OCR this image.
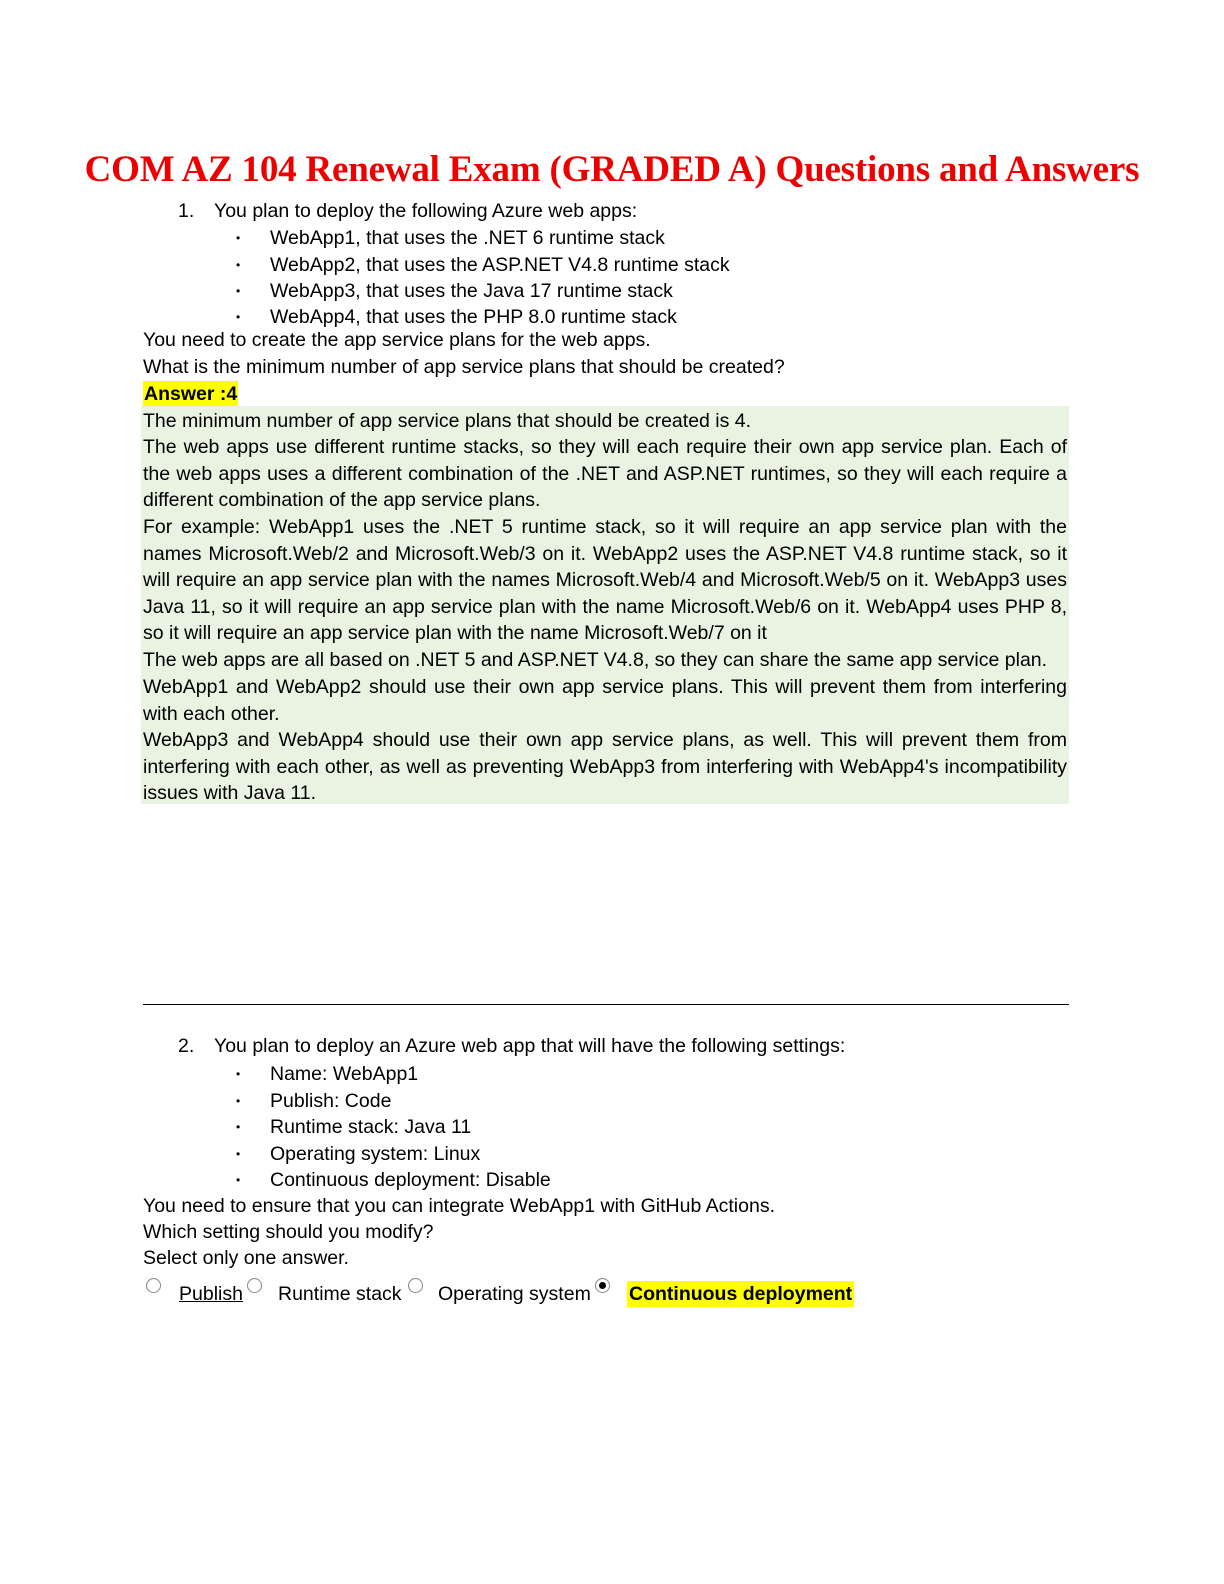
COM AZ 104 Renewal Exam (GRADED A) Questions and Answers
1. You plan to deploy the following Azure web apps:
• WebApp1, that uses the .NET 6 runtime stack
• WebApp2, that uses the ASP.NET V4.8 runtime stack
• WebApp3, that uses the Java 17 runtime stack
• WebApp4, that uses the PHP 8.0 runtime stack
You need to create the app service plans for the web apps.
What is the minimum number of app service plans that should be created?
Answer :4

The minimum number of app service plans that should be created is 4.

The web apps use different runtime stacks, so they will each require their own app service plan. Each of the web apps uses a different combination of the .NET and ASP.NET runtimes, so they will each require a different combination of the app service plans.

For example: WebApp1 uses the .NET 5 runtime stack, so it will require an app service plan with the names Microsoft.Web/2 and Microsoft.Web/3 on it. WebApp2 uses the ASP.NET V4.8 runtime stack, so it will require an app service plan with the names Microsoft.Web/4 and Microsoft.Web/5 on it. WebApp3 uses Java 11, so it will require an app service plan with the name Microsoft.Web/6 on it. WebApp4 uses PHP 8, so it will require an app service plan with the name Microsoft.Web/7 on it

The web apps are all based on .NET 5 and ASP.NET V4.8, so they can share the same app service plan.

WebApp1 and WebApp2 should use their own app service plans. This will prevent them from interfering with each other.

WebApp3 and WebApp4 should use their own app service plans, as well. This will prevent them from interfering with each other, as well as preventing WebApp3 from interfering with WebApp4's incompatibility issues with Java 11.

2. You plan to deploy an Azure web app that will have the following settings:
• Name: WebApp1
• Publish: Code
• Runtime stack: Java 11
• Operating system: Linux
• Continuous deployment: Disable
You need to ensure that you can integrate WebApp1 with GitHub Actions.
Which setting should you modify?
Select only one answer.
Publish Runtime stack Operating system Continuous deployment
